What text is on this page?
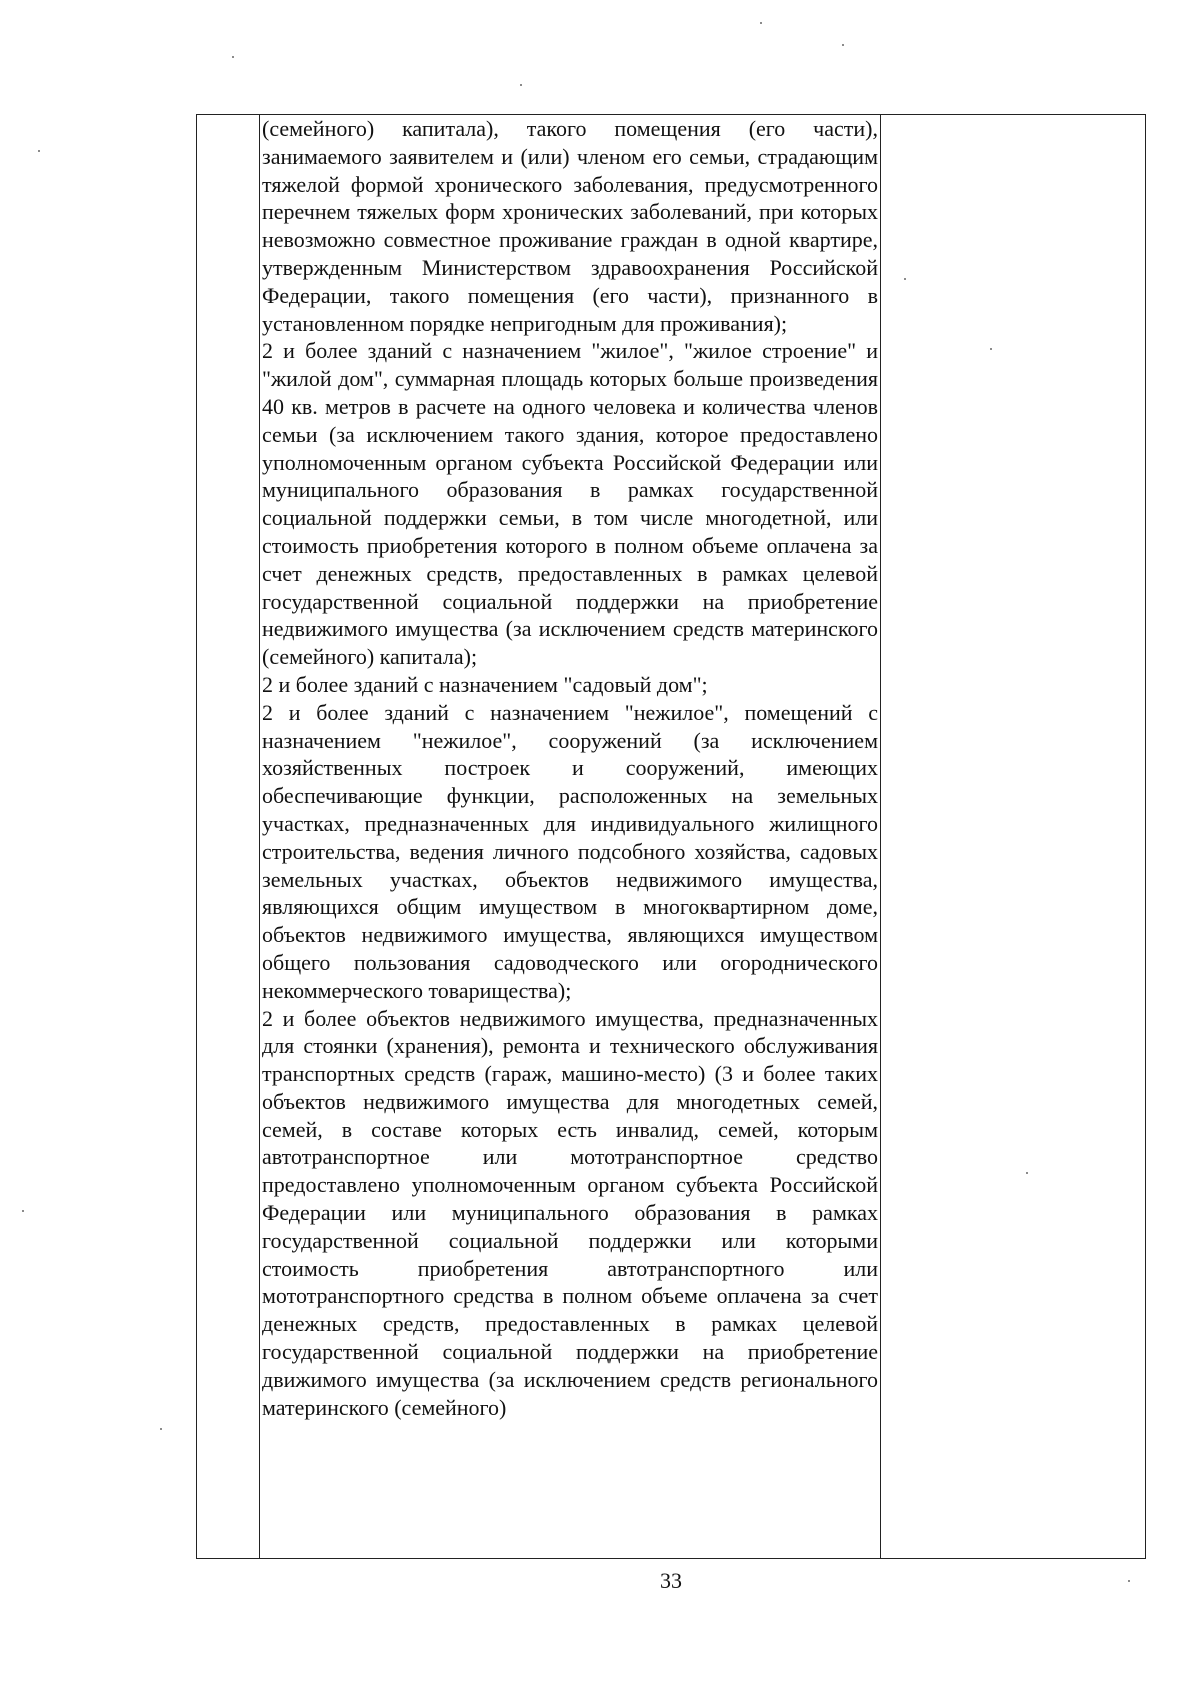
(семейного) капитала), такого помещения (его части), занимаемого заявителем и (или) членом его семьи, страдающим тяжелой формой хронического заболевания, предусмотренного перечнем тяжелых форм хронических заболеваний, при которых невозможно совместное проживание граждан в одной квартире, утвержденным Министерством здравоохранения Российской Федерации, такого помещения (его части), признанного в установленном порядке непригодным для проживания);

2 и более зданий с назначением "жилое", "жилое строение" и "жилой дом", суммарная площадь которых больше произведения 40 кв. метров в расчете на одного человека и количества членов семьи (за исключением такого здания, которое предоставлено уполномоченным органом субъекта Российской Федерации или муниципального образования в рамках государственной социальной поддержки семьи, в том числе многодетной, или стоимость приобретения которого в полном объеме оплачена за счет денежных средств, предоставленных в рамках целевой государственной социальной поддержки на приобретение недвижимого имущества (за исключением средств материнского (семейного) капитала);

2 и более зданий с назначением "садовый дом";

2 и более зданий с назначением "нежилое", помещений с назначением "нежилое", сооружений (за исключением хозяйственных построек и сооружений, имеющих обеспечивающие функции, расположенных на земельных участках, предназначенных для индивидуального жилищного строительства, ведения личного подсобного хозяйства, садовых земельных участках, объектов недвижимого имущества, являющихся общим имуществом в многоквартирном доме, объектов недвижимого имущества, являющихся имуществом общего пользования садоводческого или огороднического некоммерческого товарищества);

2 и более объектов недвижимого имущества, предназначенных для стоянки (хранения), ремонта и технического обслуживания транспортных средств (гараж, машино-место) (3 и более таких объектов недвижимого имущества для многодетных семей, семей, в составе которых есть инвалид, семей, которым автотранспортное или мототранспортное средство предоставлено уполномоченным органом субъекта Российской Федерации или муниципального образования в рамках государственной социальной поддержки или которыми стоимость приобретения автотранспортного или мототранспортного средства в полном объеме оплачена за счет денежных средств, предоставленных в рамках целевой государственной социальной поддержки на приобретение движимого имущества (за исключением средств регионального материнского (семейного)

33
